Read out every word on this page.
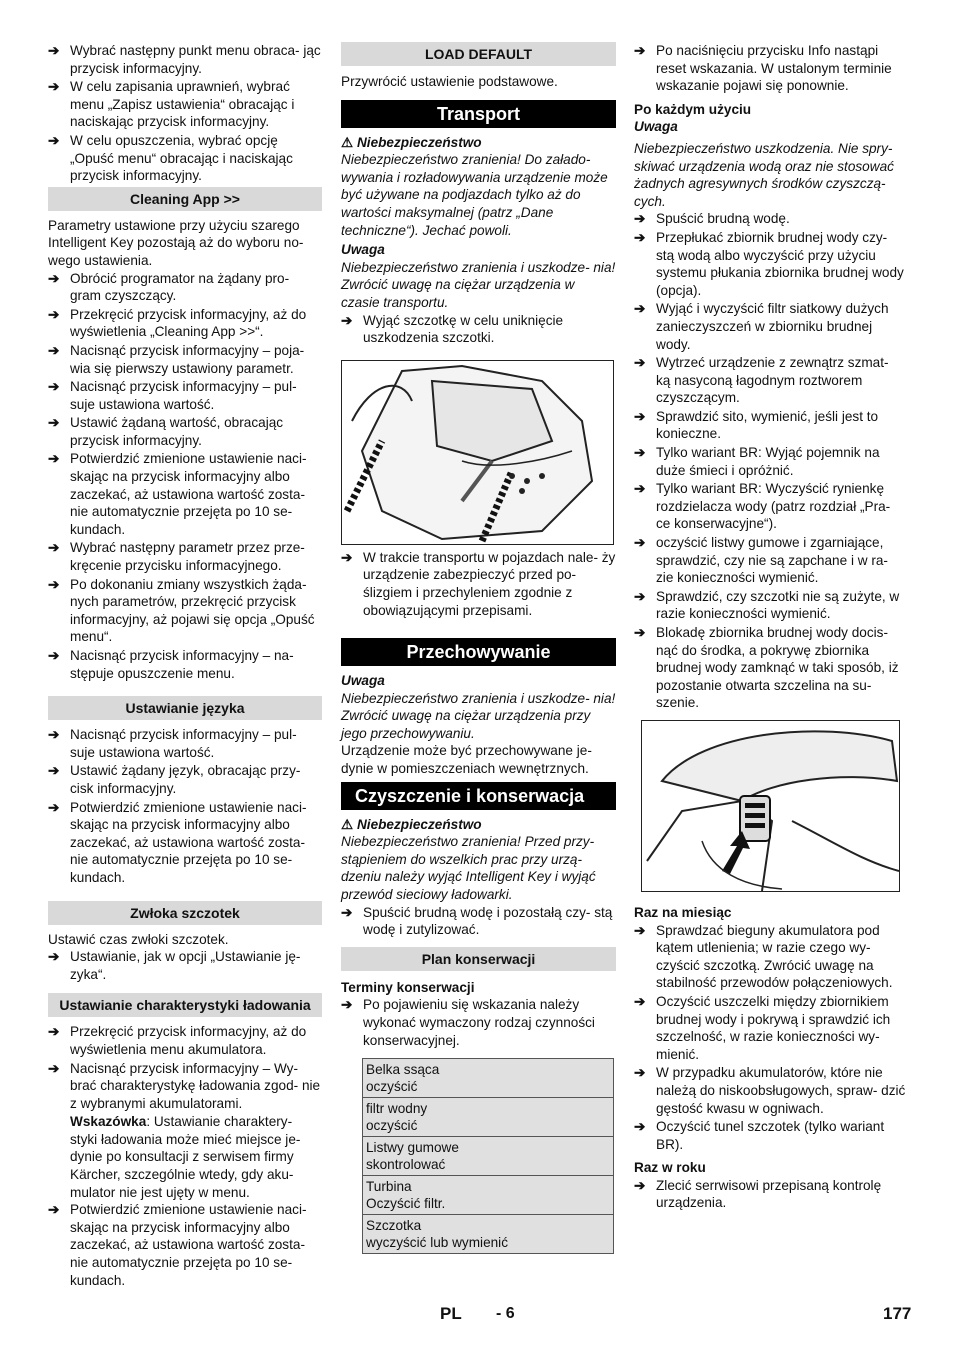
➔ Wybrać następny punkt menu obraca- jąc przycisk informacyjny.
➔ W celu zapisania uprawnień, wybrać menu „Zapisz ustawienia“ obracając i naciskając przycisk informacyjny.
➔ W celu opuszczenia, wybrać opcję „Opuść menu“ obracając i naciskając przycisk informacyjny.
Cleaning App >>

Parametry ustawione przy użyciu szarego Intelligent Key pozostają aż do wyboru no- wego ustawienia.

➔ Obrócić programator na żądany pro- gram czyszczący.
➔ Przekręcić przycisk informacyjny, aż do wyświetlenia „Cleaning App >>“.
➔ Nacisnąć przycisk informacyjny – poja- wia się pierwszy ustawiony parametr.
➔ Nacisnąć przycisk informacyjny – pul- suje ustawiona wartość.
➔ Ustawić żądaną wartość, obracając przycisk informacyjny.
➔ Potwierdzić zmienione ustawienie naci- skając na przycisk informacyjny albo zaczekać, aż ustawiona wartość zosta- nie automatycznie przejęta po 10 se- kundach.
➔ Wybrać następny parametr przez prze- kręcenie przycisku informacyjnego.
➔ Po dokonaniu zmiany wszystkich żąda- nych parametrów, przekręcić przycisk informacyjny, aż pojawi się opcja „Opuść menu“.
➔ Nacisnąć przycisk informacyjny – na- stępuje opuszczenie menu.
Ustawianie języka
➔ Nacisnąć przycisk informacyjny – pul- suje ustawiona wartość.
➔ Ustawić żądany język, obracając przy- cisk informacyjny.
➔ Potwierdzić zmienione ustawienie naci- skając na przycisk informacyjny albo zaczekać, aż ustawiona wartość zosta- nie automatycznie przejęta po 10 se- kundach.
Zwłoka szczotek

Ustawić czas zwłoki szczotek.

➔ Ustawianie, jak w opcji „Ustawianie ję- zyka“.
Ustawianie charakterystyki ładowania
➔ Przekręcić przycisk informacyjny, aż do wyświetlenia menu akumulatora.
➔ Nacisnąć przycisk informacyjny – Wy- brać charakterystykę ładowania zgod- nie z wybranymi akumulatorami.

Wskazówka: Ustawianie charaktery- styki ładowania może mieć miejsce je- dynie po konsultacji z serwisem firmy Kärcher, szczególnie wtedy, gdy aku- mulator nie jest ujęty w menu.

➔ Potwierdzić zmienione ustawienie naci- skając na przycisk informacyjny albo zaczekać, aż ustawiona wartość zosta- nie automatycznie przejęta po 10 se- kundach.
LOAD DEFAULT

Przywrócić ustawienie podstawowe.

Transport

⚠ Niebezpieczeństwo

Niebezpieczeństwo zranienia! Do załado- wywania i rozładowywania urządzenie może być używane na podjazdach tylko aż do wartości maksymalnej (patrz „Dane techniczne“). Jechać powoli.

Uwaga

Niebezpieczeństwo zranienia i uszkodze- nia! Zwrócić uwagę na ciężar urządzenia w czasie transportu.

➔ Wyjąć szczotkę w celu uniknięcie uszkodzenia szczotki.
➔ W trakcie transportu w pojazdach nale- ży urządzenie zabezpieczyć przed po- ślizgiem i przechyleniem zgodnie z obowiązującymi przepisami.
Przechowywanie

Uwaga

Niebezpieczeństwo zranienia i uszkodze- nia! Zwrócić uwagę na ciężar urządzenia przy jego przechowywaniu.

Urządzenie może być przechowywane je- dynie w pomieszczeniach wewnętrznych.

Czyszczenie i konserwacja

⚠ Niebezpieczeństwo

Niebezpieczeństwo zranienia! Przed przy- stąpieniem do wszelkich prac przy urzą- dzeniu należy wyjąć Intelligent Key i wyjąć przewód sieciowy ładowarki.

➔ Spuścić brudną wodę i pozostałą czy- stą wodę i zutylizować.
Plan konserwacji

Terminy konserwacji

➔ Po pojawieniu się wskazania należy wykonać wymaczony rodzaj czynności konserwacyjnej.
Belka ssąca
oczyścić

filtr wodny
oczyścić

Listwy gumowe
skontrolować

Turbina
Oczyścić filtr.

Szczotka
wyczyścić lub wymienić
➔ Po naciśnięciu przycisku Info nastąpi reset wskazania. W ustalonym terminie wskazanie pojawi się ponownie.

Po każdym użyciu

Uwaga

Niebezpieczeństwo uszkodzenia. Nie spry- skiwać urządzenia wodą oraz nie stosować żadnych agresywnych środków czyszczą- cych.

➔ Spuścić brudną wodę.
➔ Przepłukać zbiornik brudnej wody czy- stą wodą albo wyczyścić przy użyciu systemu płukania zbiornika brudnej wody (opcja).
➔ Wyjąć i wyczyścić filtr siatkowy dużych zanieczyszczeń w zbiorniku brudnej wody.
➔ Wytrzeć urządzenie z zewnątrz szmat- ką nasyconą łagodnym roztworem czyszczącym.
➔ Sprawdzić sito, wymienić, jeśli jest to konieczne.
➔ Tylko wariant BR: Wyjąć pojemnik na duże śmieci i opróżnić.
➔ Tylko wariant BR: Wyczyścić rynienkę rozdzielacza wody (patrz rozdział „Pra- ce konserwacyjne“).
➔ oczyścić listwy gumowe i zgarniające, sprawdzić, czy nie są zapchane i w ra- zie konieczności wymienić.
➔ Sprawdzić, czy szczotki nie są zużyte, w razie konieczności wymienić.
➔ Blokadę zbiornika brudnej wody docis- nąć do środka, a pokrywę zbiornika brudnej wody zamknąć w taki sposób, iż pozostanie otwarta szczelina na su- szenie.

Raz na miesiąc

➔ Sprawdzać bieguny akumulatora pod kątem utlenienia; w razie czego wy- czyścić szczotką. Zwrócić uwagę na stabilność przewodów połączeniowych.
➔ Oczyścić uszczelki między zbiornikiem brudnej wody i pokrywą i sprawdzić ich szczelność, w razie konieczności wy- mienić.
➔ W przypadku akumulatorów, które nie należą do niskoobsługowych, spraw- dzić gęstość kwasu w ogniwach.
➔ Oczyścić tunel szczotek (tylko wariant BR).

Raz w roku

➔ Zlecić serrwisowi przepisaną kontrolę urządzenia.
PL - 6	177
